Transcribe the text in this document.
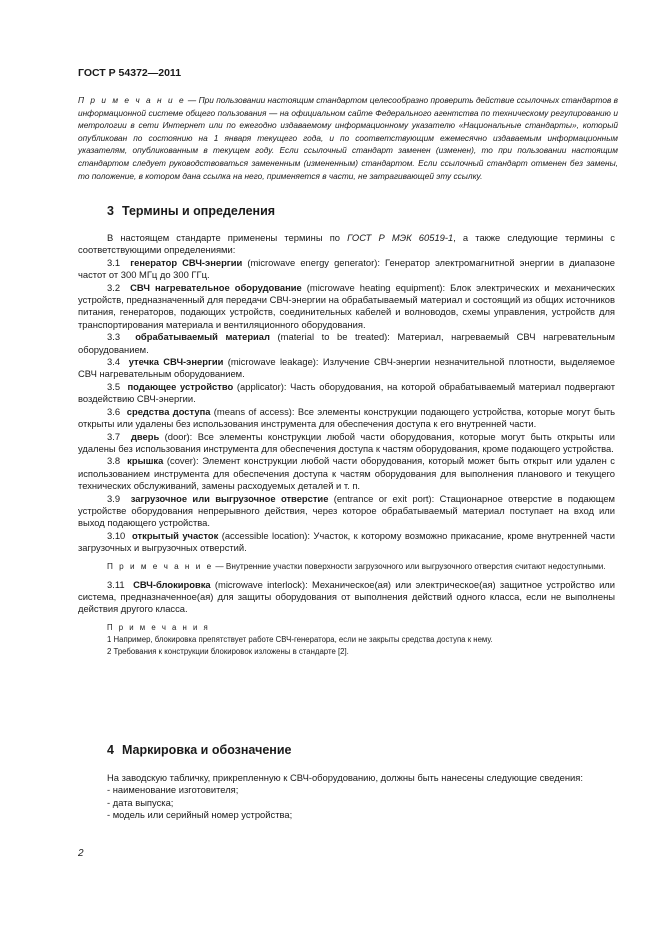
ГОСТ Р 54372—2011
П р и м е ч а н и е — При пользовании настоящим стандартом целесообразно проверить действие ссылочных стандартов в информационной системе общего пользования — на официальном сайте Федерального агентства по техническому регулированию и метрологии в сети Интернет или по ежегодно издаваемому информационному указателю «Национальные стандарты», который опубликован по состоянию на 1 января текущего года, и по соответствующим ежемесячно издаваемым информационным указателям, опубликованным в текущем году. Если ссылочный стандарт заменен (изменен), то при пользовании настоящим стандартом следует руководствоваться замененным (измененным) стандартом. Если ссылочный стандарт отменен без замены, то положение, в котором дана ссылка на него, применяется в части, не затрагивающей эту ссылку.
3 Термины и определения

В настоящем стандарте применены термины по ГОСТ Р МЭК 60519-1, а также следующие термины с соответствующими определениями:

3.1 генератор СВЧ-энергии (microwave energy generator): Генератор электромагнитной энергии в диапазоне частот от 300 МГц до 300 ГГц.

3.2 СВЧ нагревательное оборудование (microwave heating equipment): Блок электрических и механических устройств, предназначенный для передачи СВЧ-энергии на обрабатываемый материал и состоящий из общих источников питания, генераторов, подающих устройств, соединительных кабелей и волноводов, схемы управления, устройств для транспортирования материала и вентиляционного оборудования.

3.3 обрабатываемый материал (material to be treated): Материал, нагреваемый СВЧ нагревательным оборудованием.

3.4 утечка СВЧ-энергии (microwave leakage): Излучение СВЧ-энергии незначительной плотности, выделяемое СВЧ нагревательным оборудованием.

3.5 подающее устройство (applicator): Часть оборудования, на которой обрабатываемый материал подвергают воздействию СВЧ-энергии.

3.6 средства доступа (means of access): Все элементы конструкции подающего устройства, которые могут быть открыты или удалены без использования инструмента для обеспечения доступа к его внутренней части.

3.7 дверь (door): Все элементы конструкции любой части оборудования, которые могут быть открыты или удалены без использования инструмента для обеспечения доступа к частям оборудования, кроме подающего устройства.

3.8 крышка (cover): Элемент конструкции любой части оборудования, который может быть открыт или удален с использованием инструмента для обеспечения доступа к частям оборудования для выполнения планового и текущего технических обслуживаний, замены расходуемых деталей и т. п.

3.9 загрузочное или выгрузочное отверстие (entrance or exit port): Стационарное отверстие в подающем устройстве оборудования непрерывного действия, через которое обрабатываемый материал поступает на вход или выход подающего устройства.

3.10 открытый участок (accessible location): Участок, к которому возможно прикасание, кроме внутренней части загрузочных и выгрузочных отверстий.

П р и м е ч а н и е — Внутренние участки поверхности загрузочного или выгрузочного отверстия считают недоступными.

3.11 СВЧ-блокировка (microwave interlock): Механическое(ая) или электрическое(ая) защитное устройство или система, предназначенное(ая) для защиты оборудования от выполнения действий одного класса, если не выполнены действия другого класса.

П р и м е ч а н и я
1 Например, блокировка препятствует работе СВЧ-генератора, если не закрыты средства доступа к нему.
2 Требования к конструкции блокировок изложены в стандарте [2].
4 Маркировка и обозначение

На заводскую табличку, прикрепленную к СВЧ-оборудованию, должны быть нанесены следующие сведения:

- наименование изготовителя;
- дата выпуска;
- модель или серийный номер устройства;
2
